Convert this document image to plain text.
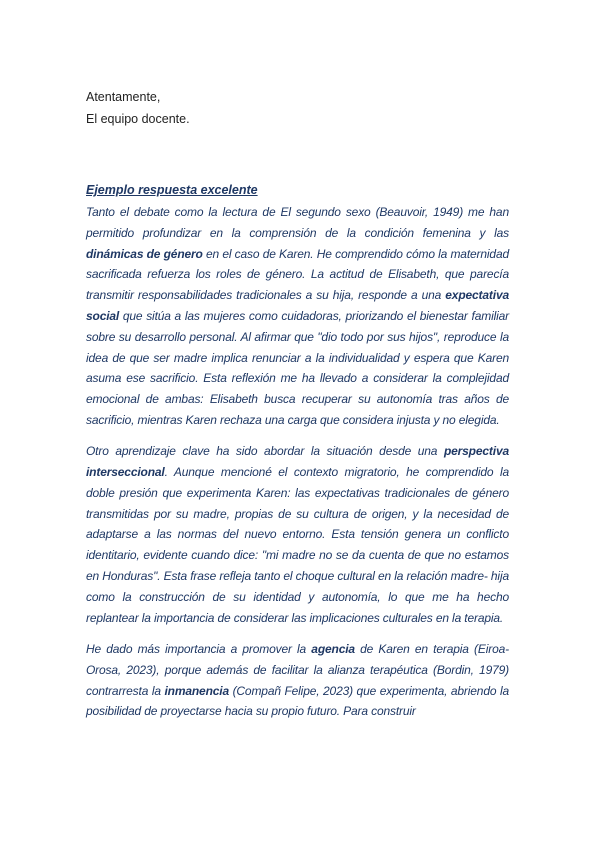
Atentamente,
El equipo docente.
Ejemplo respuesta excelente

Tanto el debate como la lectura de El segundo sexo (Beauvoir, 1949) me han permitido profundizar en la comprensión de la condición femenina y las dinámicas de género en el caso de Karen. He comprendido cómo la maternidad sacrificada refuerza los roles de género. La actitud de Elisabeth, que parecía transmitir responsabilidades tradicionales a su hija, responde a una expectativa social que sitúa a las mujeres como cuidadoras, priorizando el bienestar familiar sobre su desarrollo personal. Al afirmar que "dio todo por sus hijos", reproduce la idea de que ser madre implica renunciar a la individualidad y espera que Karen asuma ese sacrificio. Esta reflexión me ha llevado a considerar la complejidad emocional de ambas: Elisabeth busca recuperar su autonomía tras años de sacrificio, mientras Karen rechaza una carga que considera injusta y no elegida.

Otro aprendizaje clave ha sido abordar la situación desde una perspectiva interseccional. Aunque mencioné el contexto migratorio, he comprendido la doble presión que experimenta Karen: las expectativas tradicionales de género transmitidas por su madre, propias de su cultura de origen, y la necesidad de adaptarse a las normas del nuevo entorno. Esta tensión genera un conflicto identitario, evidente cuando dice: "mi madre no se da cuenta de que no estamos en Honduras". Esta frase refleja tanto el choque cultural en la relación madre- hija como la construcción de su identidad y autonomía, lo que me ha hecho replantear la importancia de considerar las implicaciones culturales en la terapia.

He dado más importancia a promover la agencia de Karen en terapia (Eiroa-Orosa, 2023), porque además de facilitar la alianza terapéutica (Bordin, 1979) contrarresta la inmanencia (Compañ Felipe, 2023) que experimenta, abriendo la posibilidad de proyectarse hacia su propio futuro. Para construir
